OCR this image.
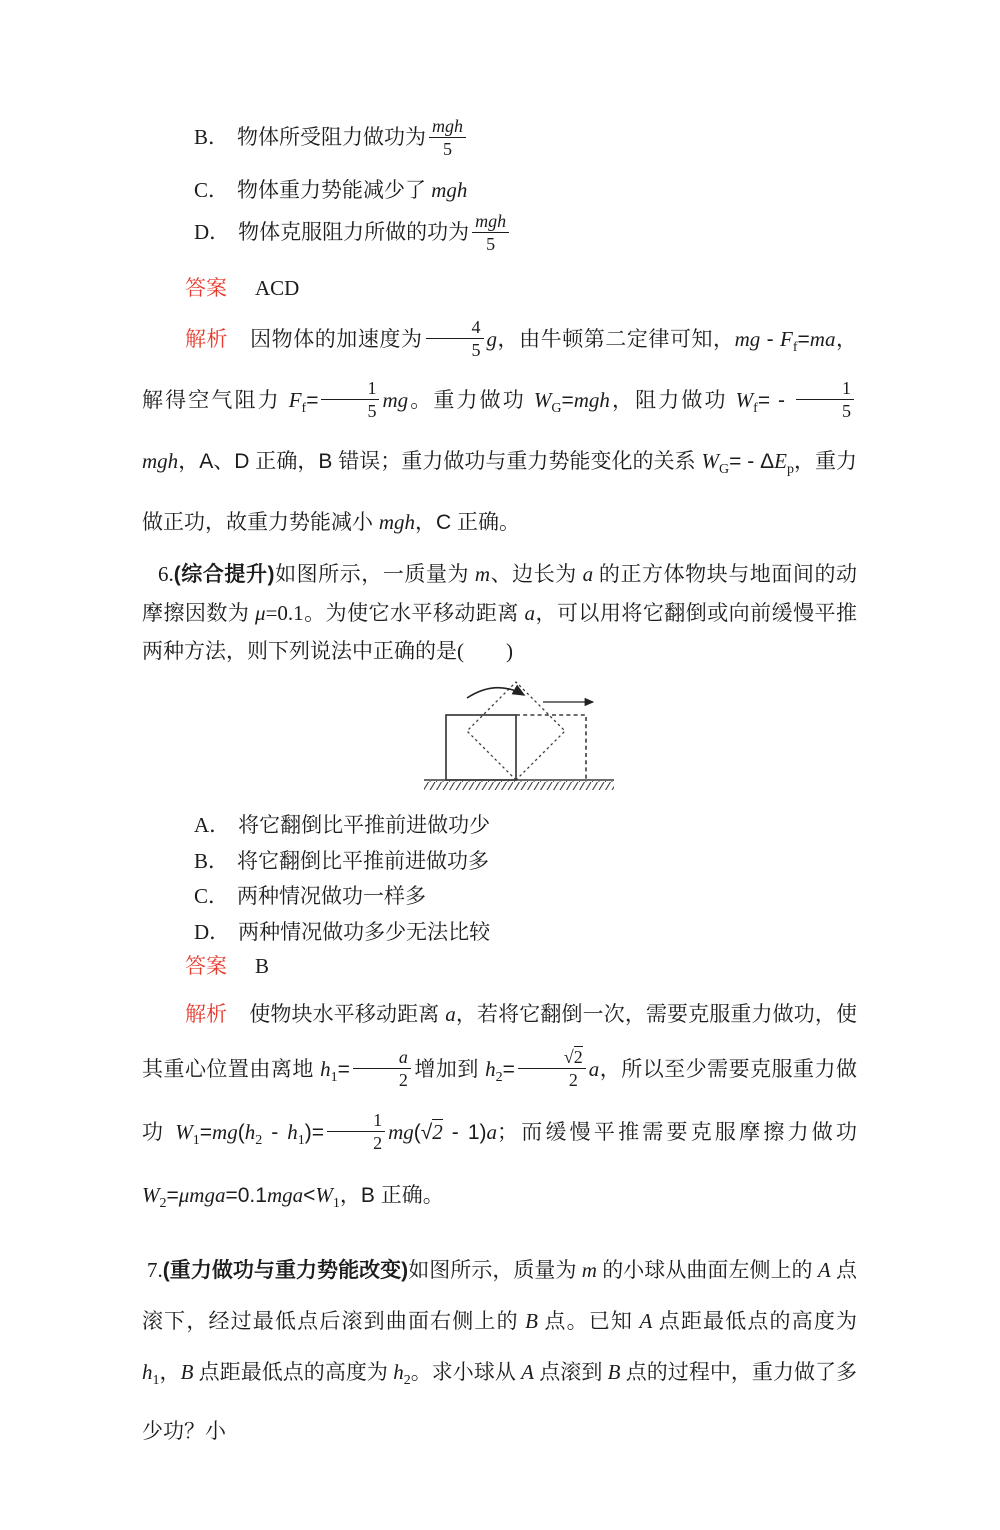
B． 物体所受阻力做功为 $\frac{\text{mgh}}{5}$
C． 物体重力势能减少了 mgh
D． 物体克服阻力所做的功为 $\frac{\text{mgh}}{5}$
答案 ACD
解析 因物体的加速度为 $\frac{4}{5}$ g，由牛顿第二定律可知，mg - $F_f=ma$，解得空气阻力 $F_f= \frac{1}{5}$ mg。重力做功 $W_G=mgh$，阻力做功 $W_f= - \frac{1}{5}$
mgh，A、D 正确，B 错误；重力做功与重力势能变化的关系 $W_G= - \Delta E_p$，重力做正功，故重力势能减小 mgh，C 正确。
6.(综合提升)如图所示，一质量为 m、边长为 a 的正方体物块与地面间的动摩擦因数为 μ=0.1。为使它水平移动距离 a，可以用将它翻倒或向前缓慢平推两种方法，则下列说法中正确的是(　　)
A． 将它翻倒比平推前进做功少
B． 将它翻倒比平推前进做功多
C． 两种情况做功一样多
D． 两种情况做功多少无法比较
答案 B
解析 使物块水平移动距离 a，若将它翻倒一次，需要克服重力做功，使其重心位置由离地 $h_1= \frac{a}{2}$ 增加到 $h_2= \frac{√2}{2}$ a，所以至少需要克服重力做功 $W_1=mg(h_2 - h_1)= \frac{1}{2} mg(√2 - 1)a$；而缓慢平推需要克服摩擦力做功 $W_2=\mu mga=0.1mga<W_1$，B 正确。
7.(重力做功与重力势能改变)如图所示，质量为 m 的小球从曲面左侧上的 A 点滚下，经过最低点后滚到曲面右侧上的 B 点。已知 A 点距最低点的高度为 $h_1$，B 点距最低点的高度为 $h_2$。求小球从 A 点滚到 B 点的过程中，重力做了多少功？小
